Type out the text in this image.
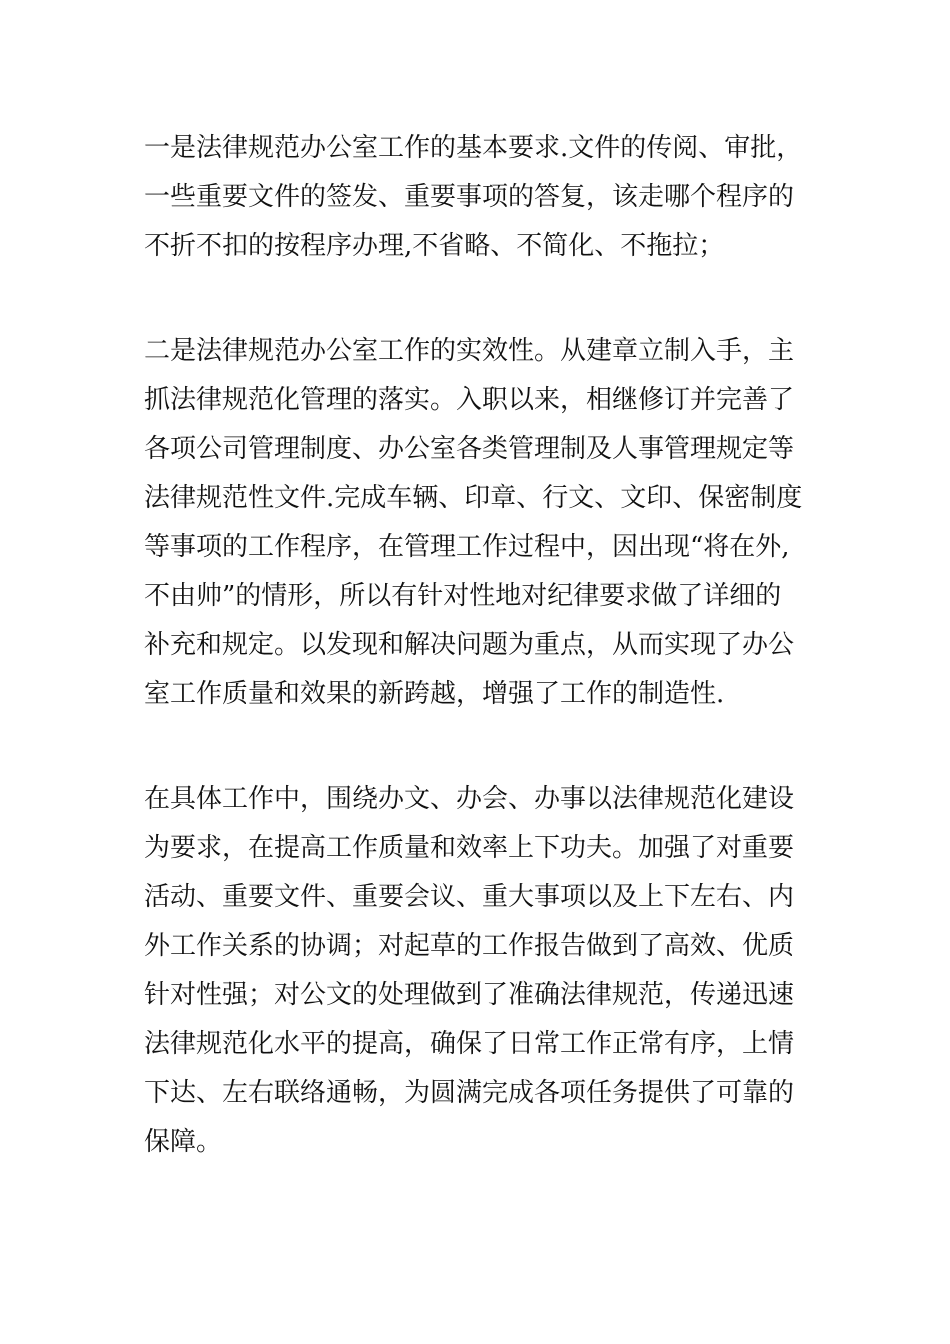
一是法律规范办公室工作的基本要求.文件的传阅、审批，
一些重要文件的签发、重要事项的答复，该走哪个程序的
不折不扣的按程序办理,不省略、不简化、不拖拉；

二是法律规范办公室工作的实效性。从建章立制入手，主
抓法律规范化管理的落实。入职以来，相继修订并完善了
各项公司管理制度、办公室各类管理制及人事管理规定等
法律规范性文件.完成车辆、印章、行文、文印、保密制度
等事项的工作程序，在管理工作过程中，因出现“将在外,
不由帅”的情形，所以有针对性地对纪律要求做了详细的
补充和规定。以发现和解决问题为重点，从而实现了办公
室工作质量和效果的新跨越，增强了工作的制造性.

在具体工作中，围绕办文、办会、办事以法律规范化建设
为要求，在提高工作质量和效率上下功夫。加强了对重要
活动、重要文件、重要会议、重大事项以及上下左右、内
外工作关系的协调；对起草的工作报告做到了高效、优质
针对性强；对公文的处理做到了准确法律规范，传递迅速
法律规范化水平的提高，确保了日常工作正常有序，上情
下达、左右联络通畅，为圆满完成各项任务提供了可靠的
保障。
